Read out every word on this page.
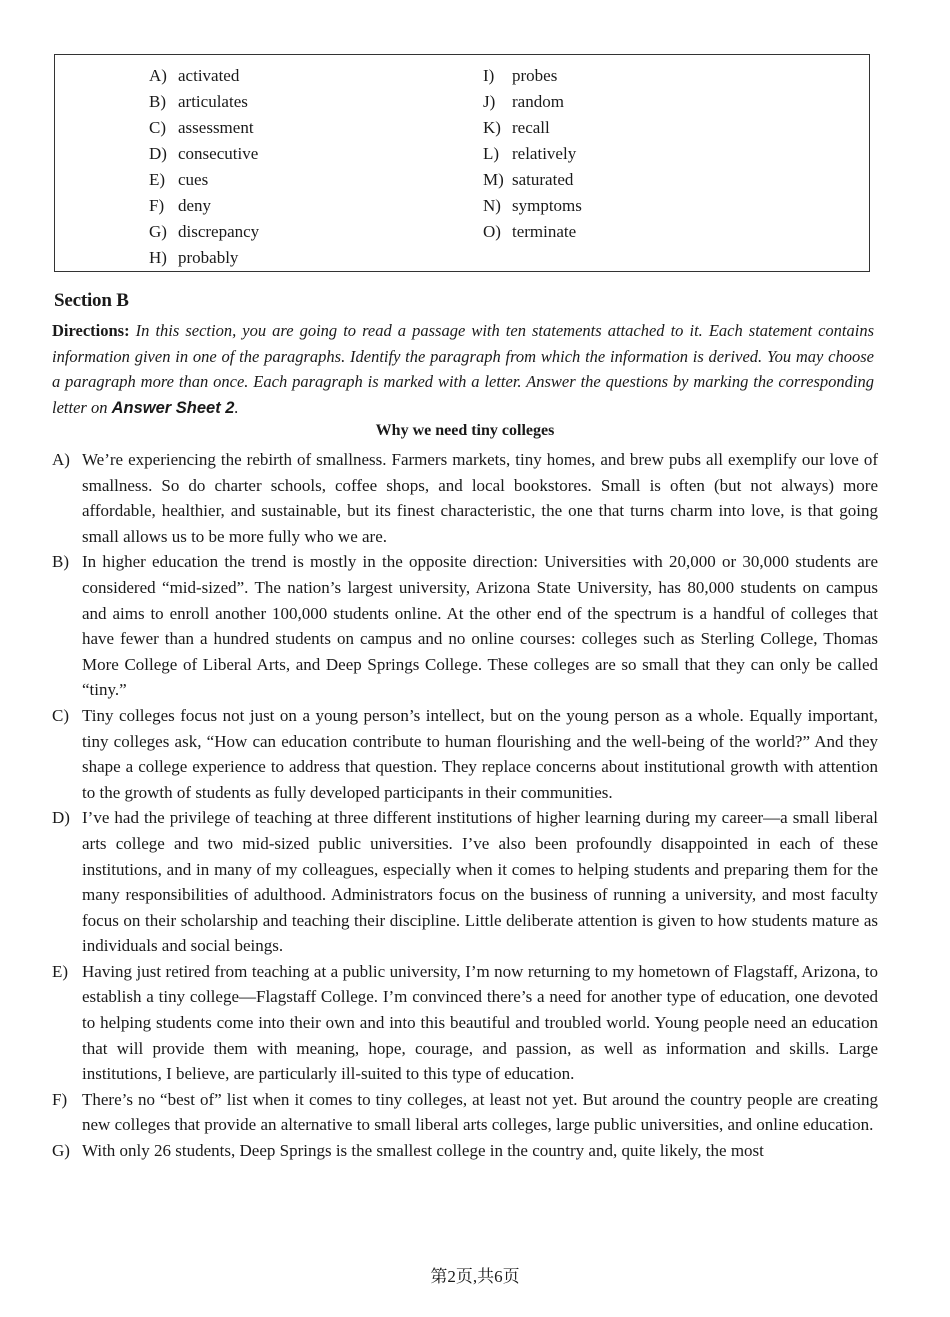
A) activated
B) articulates
C) assessment
D) consecutive
E) cues
F) deny
G) discrepancy
H) probably
I) probes
J) random
K) recall
L) relatively
M) saturated
N) symptoms
O) terminate
Section B
Directions: In this section, you are going to read a passage with ten statements attached to it. Each statement contains information given in one of the paragraphs. Identify the paragraph from which the information is derived. You may choose a paragraph more than once. Each paragraph is marked with a letter. Answer the questions by marking the corresponding letter on Answer Sheet 2.
Why we need tiny colleges
A) We’re experiencing the rebirth of smallness. Farmers markets, tiny homes, and brew pubs all exemplify our love of smallness. So do charter schools, coffee shops, and local bookstores. Small is often (but not always) more affordable, healthier, and sustainable, but its finest characteristic, the one that turns charm into love, is that going small allows us to be more fully who we are.
B) In higher education the trend is mostly in the opposite direction: Universities with 20,000 or 30,000 students are considered “mid-sized”. The nation’s largest university, Arizona State University, has 80,000 students on campus and aims to enroll another 100,000 students online. At the other end of the spectrum is a handful of colleges that have fewer than a hundred students on campus and no online courses: colleges such as Sterling College, Thomas More College of Liberal Arts, and Deep Springs College. These colleges are so small that they can only be called “tiny.”
C) Tiny colleges focus not just on a young person’s intellect, but on the young person as a whole. Equally important, tiny colleges ask, “How can education contribute to human flourishing and the well-being of the world?” And they shape a college experience to address that question. They replace concerns about institutional growth with attention to the growth of students as fully developed participants in their communities.
D) I’ve had the privilege of teaching at three different institutions of higher learning during my career—a small liberal arts college and two mid-sized public universities. I’ve also been profoundly disappointed in each of these institutions, and in many of my colleagues, especially when it comes to helping students and preparing them for the many responsibilities of adulthood. Administrators focus on the business of running a university, and most faculty focus on their scholarship and teaching their discipline. Little deliberate attention is given to how students mature as individuals and social beings.
E) Having just retired from teaching at a public university, I’m now returning to my hometown of Flagstaff, Arizona, to establish a tiny college—Flagstaff College. I’m convinced there’s a need for another type of education, one devoted to helping students come into their own and into this beautiful and troubled world. Young people need an education that will provide them with meaning, hope, courage, and passion, as well as information and skills. Large institutions, I believe, are particularly ill-suited to this type of education.
F) There’s no “best of” list when it comes to tiny colleges, at least not yet. But around the country people are creating new colleges that provide an alternative to small liberal arts colleges, large public universities, and online education.
G) With only 26 students, Deep Springs is the smallest college in the country and, quite likely, the most
第2页,共6页
